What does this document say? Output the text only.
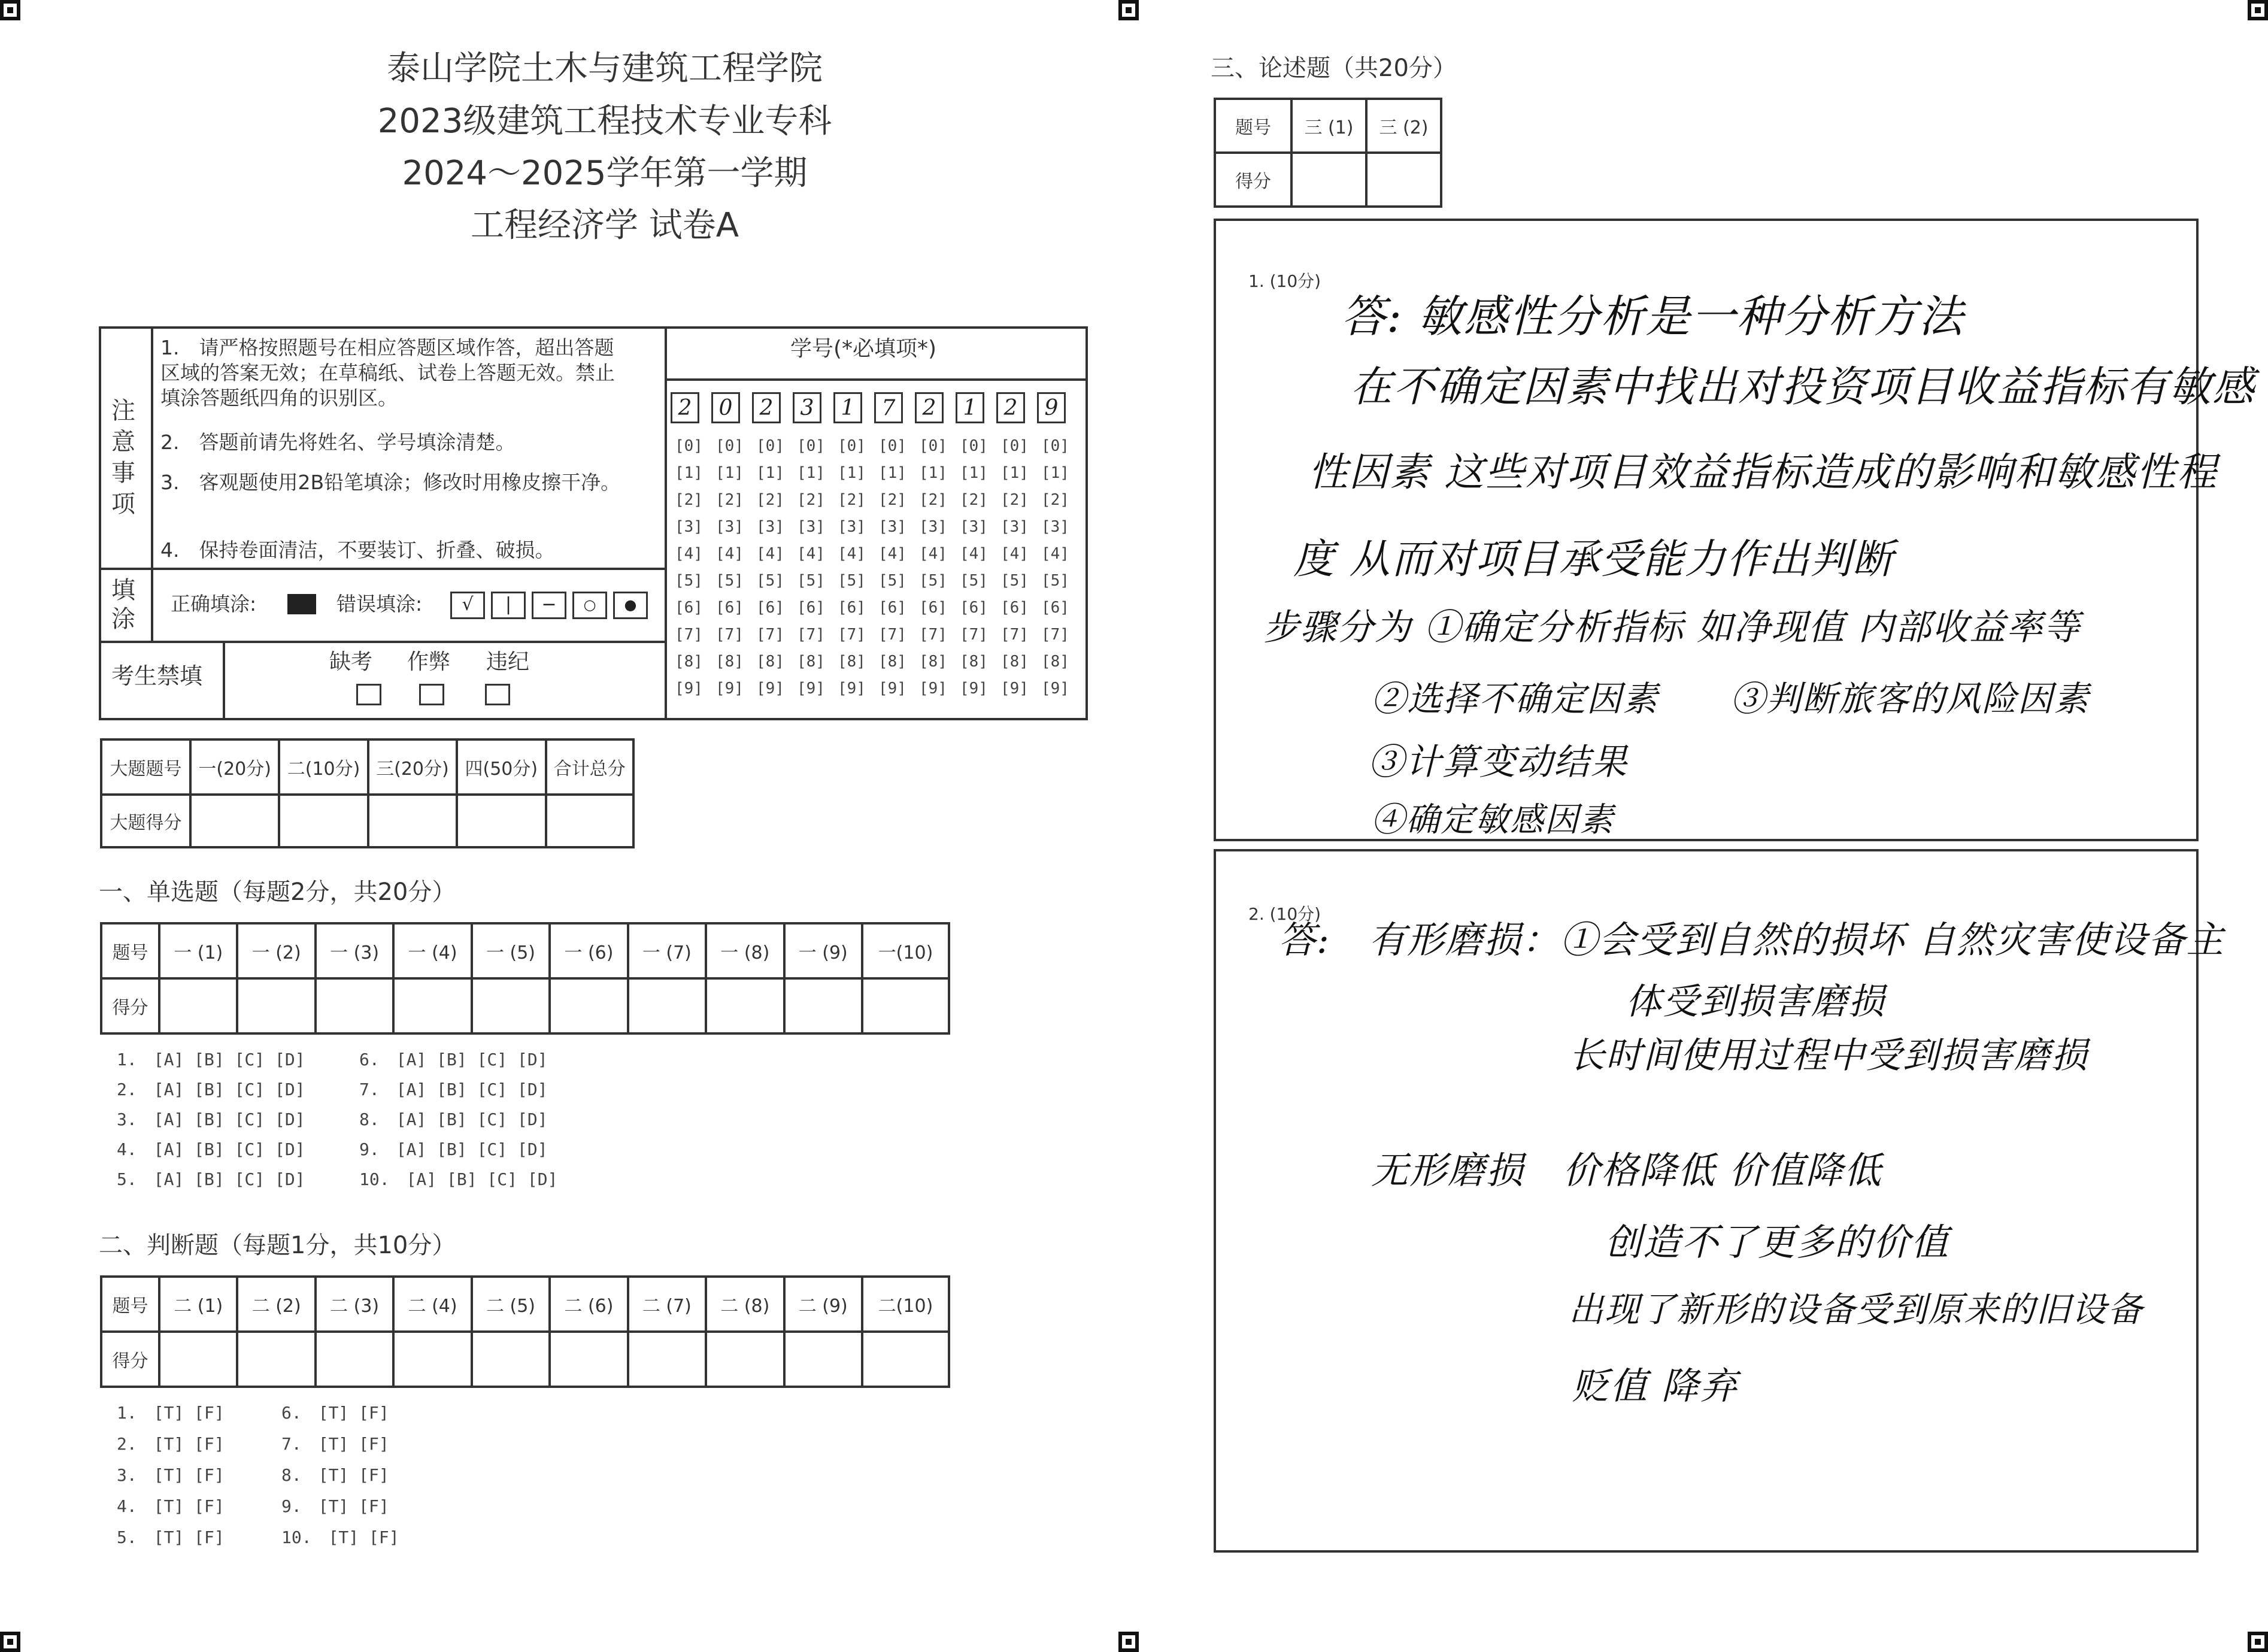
泰山学院土木与建筑工程学院
2023级建筑工程技术专业专科
2024～2025学年第一学期
工程经济学 试卷A
注意事项
1.　请严格按照题号在相应答题区域作答，超出答题区域的答案无效；在草稿纸、试卷上答题无效。禁止填涂答题纸四角的识别区。
2.　答题前请先将姓名、学号填涂清楚。
3.　客观题使用2B铅笔填涂；修改时用橡皮擦干净。
4.　保持卷面清洁，不要装订、折叠、破损。
填涂
正确填涂:	错误填涂:	√	|	−	○	●
考生禁填
缺考 作弊 违纪
学号(*必填项*)
2	0	2	3	1	7	2	1	2	9
[0] [0] [0] [0] [0] [0] [0] [0] [0] [0]
[1] [1] [1] [1] [1] [1] [1] [1] [1] [1]
[2] [2] [2] [2] [2] [2] [2] [2] [2] [2]
[3] [3] [3] [3] [3] [3] [3] [3] [3] [3]
[4] [4] [4] [4] [4] [4] [4] [4] [4] [4]
[5] [5] [5] [5] [5] [5] [5] [5] [5] [5]
[6] [6] [6] [6] [6] [6] [6] [6] [6] [6]
[7] [7] [7] [7] [7] [7] [7] [7] [7] [7]
[8] [8] [8] [8] [8] [8] [8] [8] [8] [8]
[9] [9] [9] [9] [9] [9] [9] [9] [9] [9]
大题题号	一(20分)	二(10分)	三(20分)	四(50分)	合计总分
大题得分					
一、单选题（每题2分，共20分）
题号	一 (1)	一 (2)	一 (3)	一 (4)	一 (5)	一 (6)	一 (7)	一 (8)	一 (9)	一(10)
得分										
1.　[A] [B] [C] [D]
2.　[A] [B] [C] [D]
3.　[A] [B] [C] [D]
4.　[A] [B] [C] [D]
5.　[A] [B] [C] [D]
6.　[A] [B] [C] [D]
7.　[A] [B] [C] [D]
8.　[A] [B] [C] [D]
9.　[A] [B] [C] [D]
10.　[A] [B] [C] [D]
二、判断题（每题1分，共10分）
题号	二 (1)	二 (2)	二 (3)	二 (4)	二 (5)	二 (6)	二 (7)	二 (8)	二 (9)	二(10)
得分										
1.　[T] [F]
2.　[T] [F]
3.　[T] [F]
4.　[T] [F]
5.　[T] [F]
6.　[T] [F]
7.　[T] [F]
8.　[T] [F]
9.　[T] [F]
10.　[T] [F]
三、论述题（共20分）
题号	三 (1)	三 (2)
得分		
1. (10分)
答: 敏感性分析是一种分析方法
在不确定因素中找出对投资项目收益指标有敏感
性因素 这些对项目效益指标造成的影响和敏感性程
度 从而对项目承受能力作出判断
步骤分为 ①确定分析指标 如净现值 内部收益率等
②选择不确定因素　　③判断旅客的风险因素
③计算变动结果
④确定敏感因素
2. (10分)
答:　有形磨损：①会受到自然的损坏 自然灾害使设备主
体受到损害磨损
长时间使用过程中受到损害磨损
无形磨损　价格降低 价值降低
创造不了更多的价值
出现了新形的设备受到原来的旧设备
贬值 降弃
